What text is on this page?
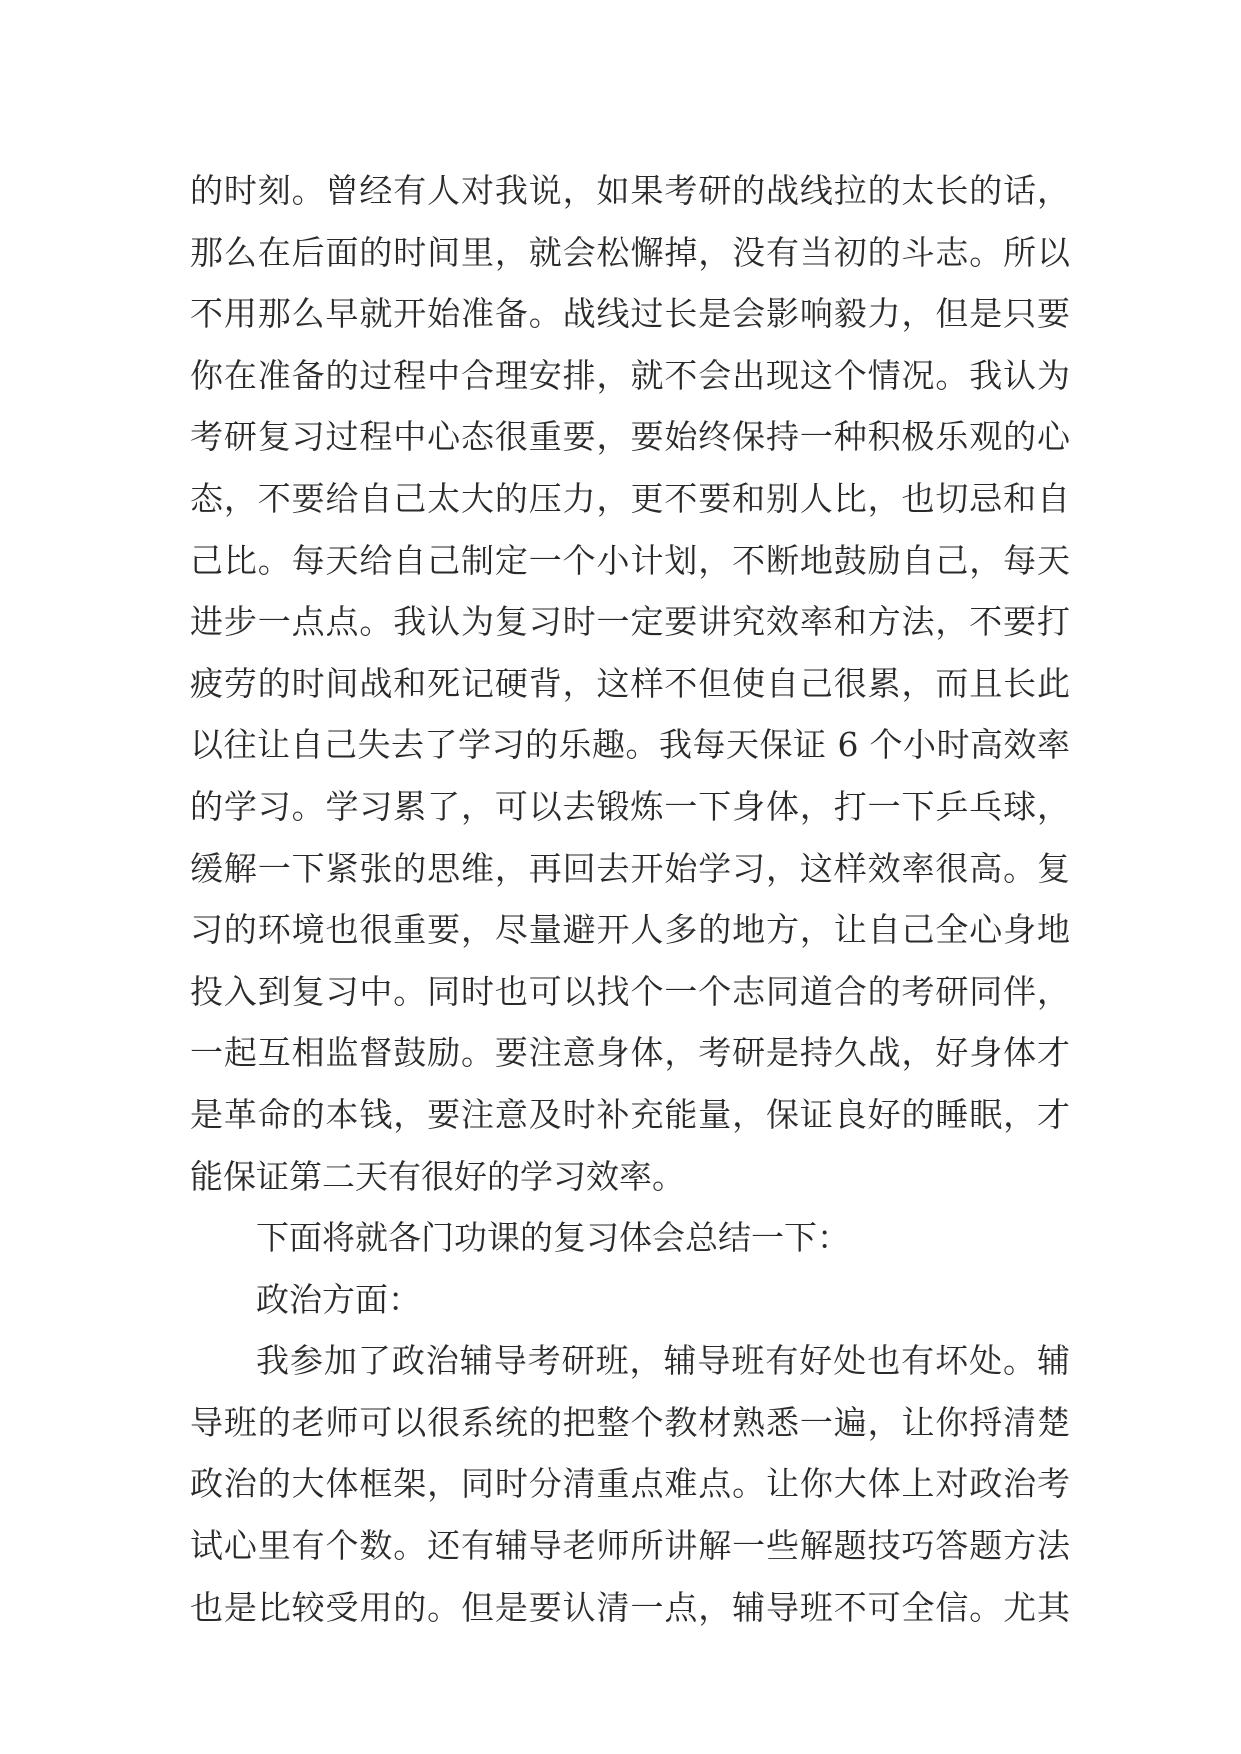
的时刻。曾经有人对我说，如果考研的战线拉的太长的话，
那么在后面的时间里，就会松懈掉，没有当初的斗志。所以
不用那么早就开始准备。战线过长是会影响毅力，但是只要
你在准备的过程中合理安排，就不会出现这个情况。我认为
考研复习过程中心态很重要，要始终保持一种积极乐观的心
态，不要给自己太大的压力，更不要和别人比，也切忌和自
己比。每天给自己制定一个小计划，不断地鼓励自己，每天
进步一点点。我认为复习时一定要讲究效率和方法，不要打
疲劳的时间战和死记硬背，这样不但使自己很累，而且长此
以往让自己失去了学习的乐趣。我每天保证 6 个小时高效率
的学习。学习累了，可以去锻炼一下身体，打一下乒乓球，
缓解一下紧张的思维，再回去开始学习，这样效率很高。复
习的环境也很重要，尽量避开人多的地方，让自己全心身地
投入到复习中。同时也可以找个一个志同道合的考研同伴，
一起互相监督鼓励。要注意身体，考研是持久战，好身体才
是革命的本钱，要注意及时补充能量，保证良好的睡眠，才
能保证第二天有很好的学习效率。
下面将就各门功课的复习体会总结一下：
政治方面：
我参加了政治辅导考研班，辅导班有好处也有坏处。辅
导班的老师可以很系统的把整个教材熟悉一遍，让你捋清楚
政治的大体框架，同时分清重点难点。让你大体上对政治考
试心里有个数。还有辅导老师所讲解一些解题技巧答题方法
也是比较受用的。但是要认清一点，辅导班不可全信。尤其
